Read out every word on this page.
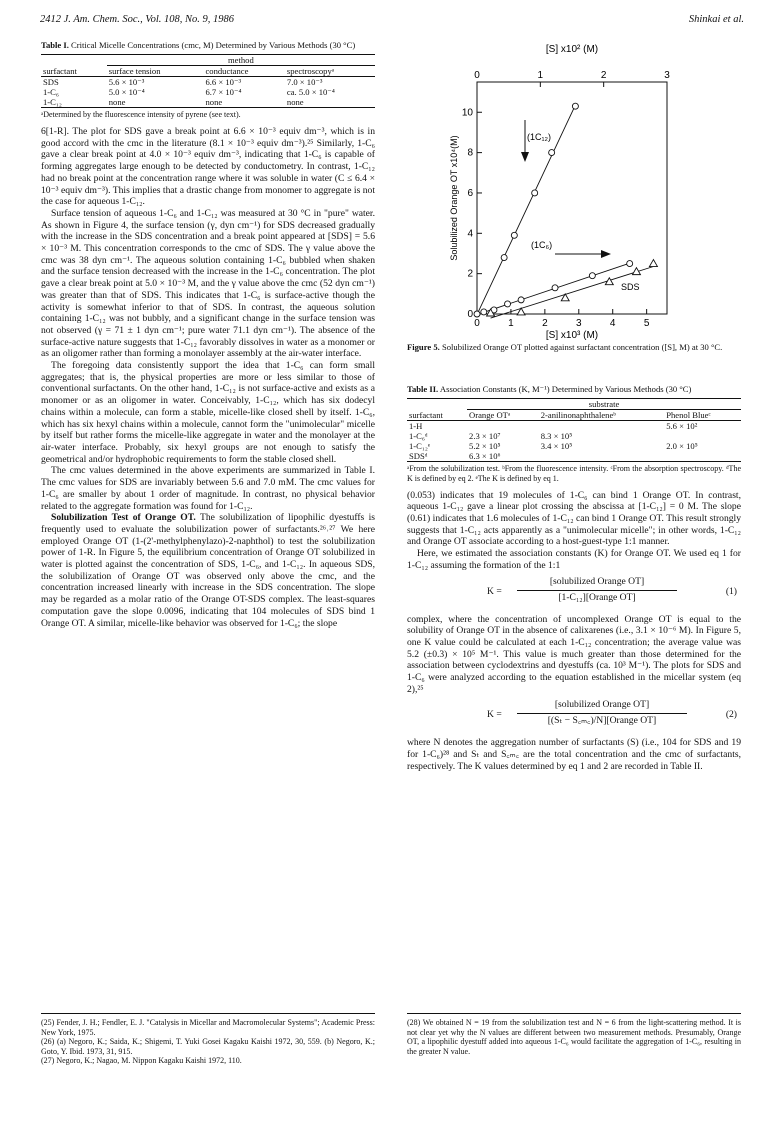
2412 J. Am. Chem. Soc., Vol. 108, No. 9, 1986	Shinkai et al.
Table I. Critical Micelle Concentrations (cmc, M) Determined by Various Methods (30 °C)
	method		
surfactant	surface tension	conductance	spectroscopyᵃ
SDS	5.6 × 10⁻³	6.6 × 10⁻³	7.0 × 10⁻³
1-C₆	5.0 × 10⁻⁴	6.7 × 10⁻⁴	ca. 5.0 × 10⁻⁴
1-C₁₂	none	none	none
ᵃDetermined by the fluorescence intensity of pyrene (see text).

6[1-R]. The plot for SDS gave a break point at 6.6 × 10⁻³ equiv dm⁻³, which is in good accord with the cmc in the literature (8.1 × 10⁻³ equiv dm⁻³).²⁵ Similarly, 1-C₆ gave a clear break point at 4.0 × 10⁻³ equiv dm⁻³, indicating that 1-C₆ is capable of forming aggregates large enough to be detected by conductometry. In contrast, 1-C₁₂ had no break point at the concentration range where it was soluble in water (C ≤ 6.4 × 10⁻³ equiv dm⁻³). This implies that a drastic change from monomer to aggregate is not the case for aqueous 1-C₁₂.

Surface tension of aqueous 1-C₆ and 1-C₁₂ was measured at 30 °C in "pure" water. As shown in Figure 4, the surface tension (γ, dyn cm⁻¹) for SDS decreased gradually with the increase in the SDS concentration and a break point appeared at [SDS] = 5.6 × 10⁻³ M. This concentration corresponds to the cmc of SDS. The γ value above the cmc was 38 dyn cm⁻¹. The aqueous solution containing 1-C₆ bubbled when shaken and the surface tension decreased with the increase in the 1-C₆ concentration. The plot gave a clear break point at 5.0 × 10⁻³ M, and the γ value above the cmc (52 dyn cm⁻¹) was greater than that of SDS. This indicates that 1-C₆ is surface-active though the activity is somewhat inferior to that of SDS. In contrast, the aqueous solution containing 1-C₁₂ was not bubbly, and a significant change in the surface tension was not observed (γ = 71 ± 1 dyn cm⁻¹; pure water 71.1 dyn cm⁻¹). The absence of the surface-active nature suggests that 1-C₁₂ favorably dissolves in water as a monomer or as an oligomer rather than forming a monolayer assembly at the air-water interface.

The foregoing data consistently support the idea that 1-C₆ can form small aggregates; that is, the physical properties are more or less similar to those of conventional surfactants. On the other hand, 1-C₁₂ is not surface-active and exists as a monomer or as an oligomer in water. Conceivably, 1-C₁₂, which has six dodecyl chains within a molecule, can form a stable, micelle-like closed shell by itself. 1-C₆, which has six hexyl chains within a molecule, cannot form the "unimolecular" micelle by itself but rather forms the micelle-like aggregate in water and the monolayer at the air-water interface. Probably, six hexyl groups are not enough to satisfy the geometrical and/or hydrophobic requirements to form the stable closed shell.

The cmc values determined in the above experiments are summarized in Table I. The cmc values for SDS are invariably between 5.6 and 7.0 mM. The cmc values for 1-C₆ are smaller by about 1 order of magnitude. In contrast, no physical behavior related to the aggregate formation was found for 1-C₁₂.

Solubilization Test of Orange OT. The solubilization of lipophilic dyestuffs is frequently used to evaluate the solubilization power of surfactants.²⁶˒²⁷ We here employed Orange OT (1-(2'-methylphenylazo)-2-naphthol) to test the solubilization power of 1-R. In Figure 5, the equilibrium concentration of Orange OT solubilized in water is plotted against the concentration of SDS, 1-C₆, and 1-C₁₂. In aqueous SDS, the solubilization of Orange OT was observed only above the cmc, and the concentration increased linearly with increase in the SDS concentration. The slope may be regarded as a molar ratio of the Orange OT-SDS complex. The least-squares computation gave the slope 0.0096, indicating that 104 molecules of SDS bind 1 Orange OT. A similar, micelle-like behavior was observed for 1-C₆; the slope

(25) Fender, J. H.; Fendler, E. J. "Catalysis in Micellar and Macromolecular Systems"; Academic Press: New York, 1975.
(26) (a) Negoro, K.; Saida, K.; Shigemi, T. Yuki Gosei Kagaku Kaishi 1972, 30, 559. (b) Negoro, K.; Goto, Y. Ibid. 1973, 31, 915.
(27) Negoro, K.; Nagao, M. Nippon Kagaku Kaishi 1972, 110.
[S] x10² (M)
[S] x10³ (M)
Solubilized Orange OT x10⁴(M)
0	1	2	3	4	5
0	1	2	3
0
2
4
6
8
10
(1C₁₂)
(1C₆)
SDS
Figure 5. Solubilized Orange OT plotted against surfactant concentration ([S], M) at 30 °C.
Table II. Association Constants (K, M⁻¹) Determined by Various Methods (30 °C)
	substrate		
surfactant	Orange OTᵃ	2-anilinonaphthaleneᵇ	Phenol Blueᶜ
1-H			5.6 × 10²
1-C₆ᵈ	2.3 × 10⁷	8.3 × 10⁵	
1-C₁₂ᵉ	5.2 × 10⁵	3.4 × 10⁵	2.0 × 10⁵
SDSᵈ	6.3 × 10⁶		
ᵃFrom the solubilization test. ᵇFrom the fluorescence intensity. ᶜFrom the absorption spectroscopy. ᵈThe K is defined by eq 2. ᵉThe K is defined by eq 1.

(0.053) indicates that 19 molecules of 1-C₆ can bind 1 Orange OT. In contrast, aqueous 1-C₁₂ gave a linear plot crossing the abscissa at [1-C₁₂] = 0 M. The slope (0.61) indicates that 1.6 molecules of 1-C₁₂ can bind 1 Orange OT. This result strongly suggests that 1-C₁₂ acts apparently as a "unimolecular micelle"; in other words, 1-C₁₂ and Orange OT associate according to a host-guest-type 1:1 manner.

Here, we estimated the association constants (K) for Orange OT. We used eq 1 for 1-C₁₂ assuming the formation of the 1:1

K =
[solubilized Orange OT]
[1-C₁₂][Orange OT]
(1)

complex, where the concentration of uncomplexed Orange OT is equal to the solubility of Orange OT in the absence of calixarenes (i.e., 3.1 × 10⁻⁶ M). In Figure 5, one K value could be calculated at each 1-C₁₂ concentration; the average value was 5.2 (±0.3) × 10⁵ M⁻¹. This value is much greater than those determined for the association between cyclodextrins and dyestuffs (ca. 10³ M⁻¹). The plots for SDS and 1-C₆ were analyzed according to the equation established in the micellar system (eq 2),²⁵

K =
[solubilized Orange OT]
[(Sₜ − S꜀ₘ꜀)/N][Orange OT]
(2)

where N denotes the aggregation number of surfactants (S) (i.e., 104 for SDS and 19 for 1-C₆)²⁸ and Sₜ and S꜀ₘ꜀ are the total concentration and the cmc of surfactants, respectively. The K values determined by eq 1 and 2 are recorded in Table II.

(28) We obtained N = 19 from the solubilization test and N = 6 from the light-scattering method. It is not clear yet why the N values are different between two measurement methods. Presumably, Orange OT, a lipophilic dyestuff added into aqueous 1-C₆ would facilitate the aggregation of 1-C₆, resulting in the greater N value.
